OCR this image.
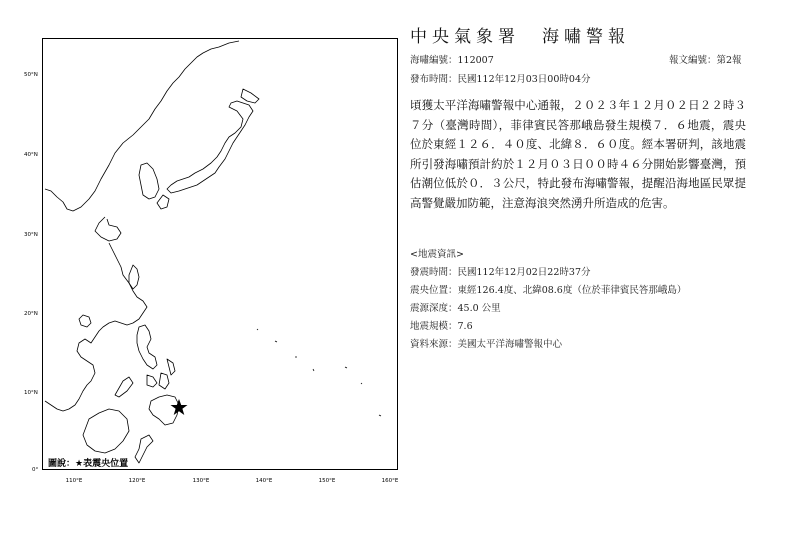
50°N
40°N
30°N
20°N
10°N
0°
110°E	120°E	130°E	140°E	150°E	160°E
圖說：★表震央位置
中央氣象署　海嘯警報
海嘯編號：112007	報文編號：第2報
發布時間：民國112年12月03日00時04分
頃獲太平洋海嘯警報中心通報，２０２３年１２月０２日２２時３７分（臺灣時間），菲律賓民答那峨島發生規模７．６地震，震央位於東經１２６．４０度、北緯８．６０度。經本署研判，該地震所引發海嘯預計約於１２月０３日００時４６分開始影響臺灣，預估潮位低於０．３公尺，特此發布海嘯警報，提醒沿海地區民眾提高警覺嚴加防範，注意海浪突然湧升所造成的危害。
<地震資訊>
發震時間：民國112年12月02日22時37分
震央位置：東經126.4度、北緯08.6度（位於菲律賓民答那峨島）
震源深度：45.0 公里
地震規模：7.6
資料來源：美國太平洋海嘯警報中心
